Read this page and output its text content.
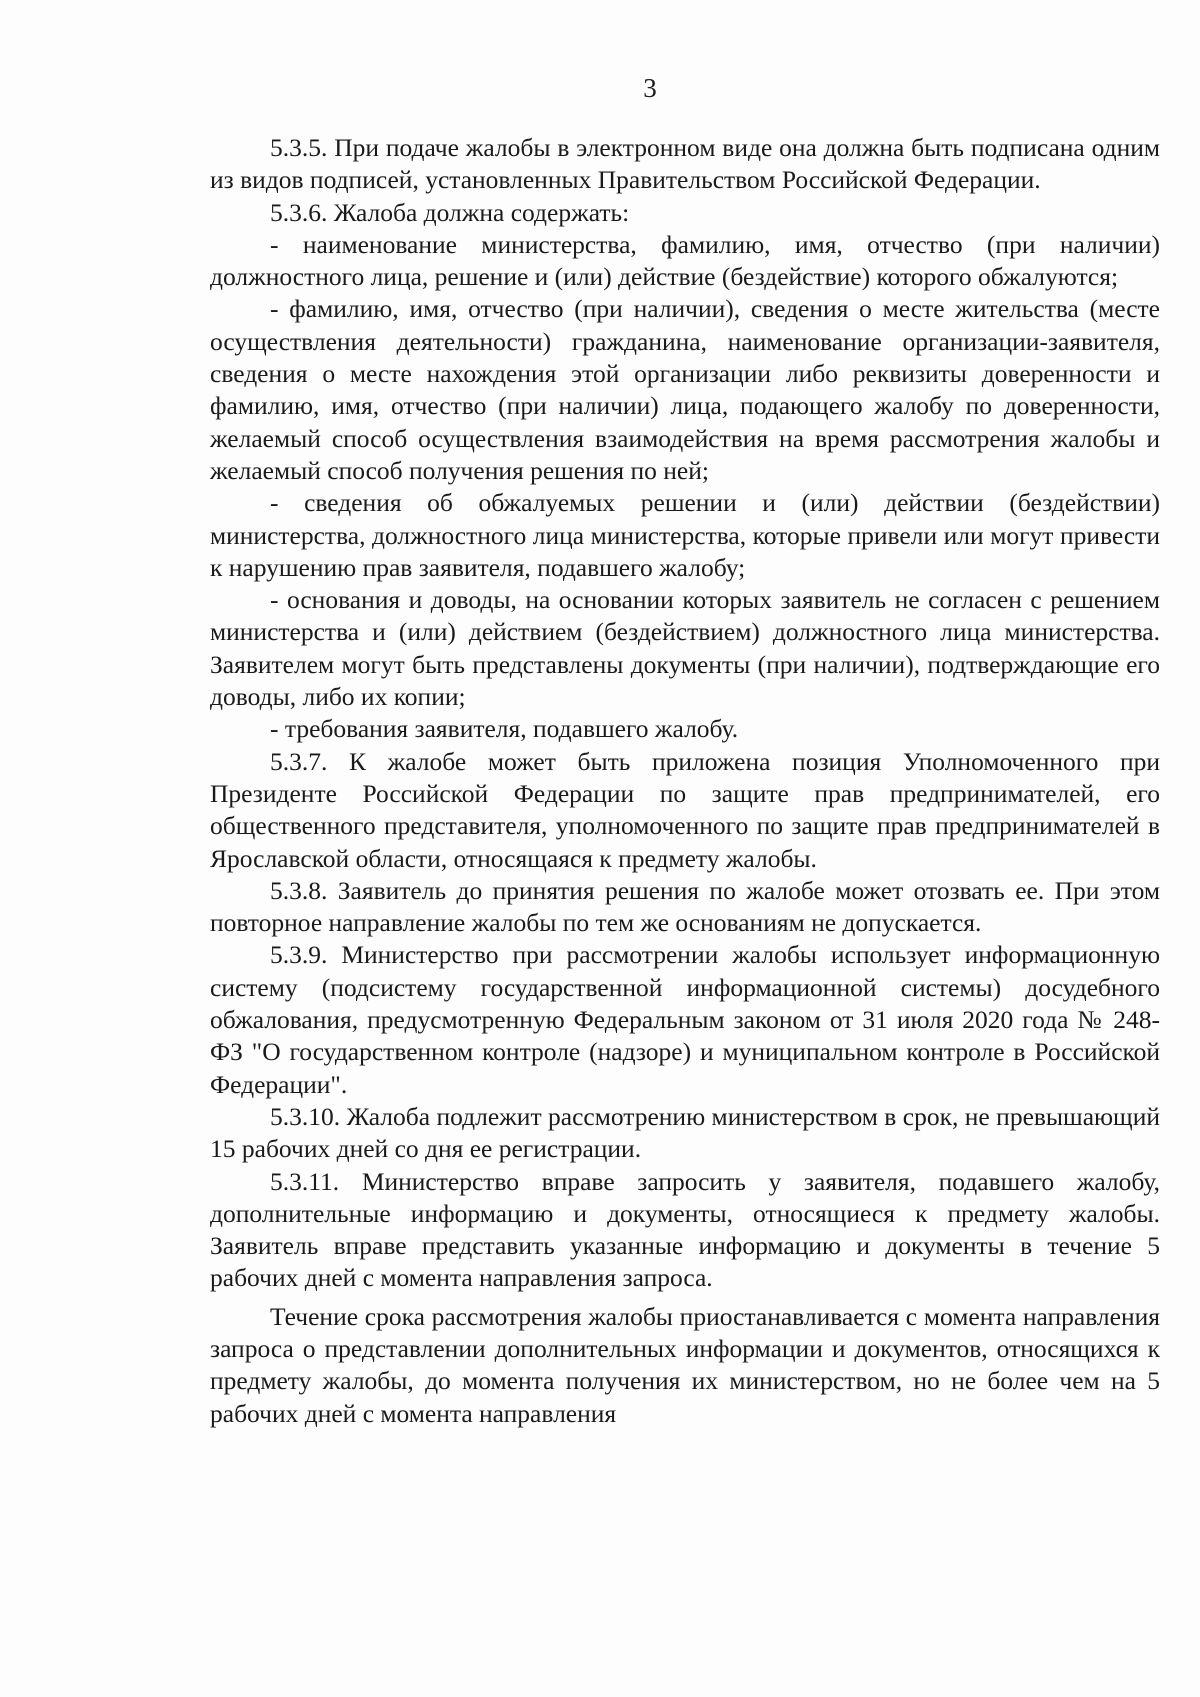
3

5.3.5. При подаче жалобы в электронном виде она должна быть подписана одним из видов подписей, установленных Правительством Российской Федерации.

5.3.6. Жалоба должна содержать:

- наименование министерства, фамилию, имя, отчество (при наличии) должностного лица, решение и (или) действие (бездействие) которого обжалуются;

- фамилию, имя, отчество (при наличии), сведения о месте жительства (месте осуществления деятельности) гражданина, наименование организации-заявителя, сведения о месте нахождения этой организации либо реквизиты доверенности и фамилию, имя, отчество (при наличии) лица, подающего жалобу по доверенности, желаемый способ осуществления взаимодействия на время рассмотрения жалобы и желаемый способ получения решения по ней;

- сведения об обжалуемых решении и (или) действии (бездействии) министерства, должностного лица министерства, которые привели или могут привести к нарушению прав заявителя, подавшего жалобу;

- основания и доводы, на основании которых заявитель не согласен с решением министерства и (или) действием (бездействием) должностного лица министерства. Заявителем могут быть представлены документы (при наличии), подтверждающие его доводы, либо их копии;

- требования заявителя, подавшего жалобу.

5.3.7. К жалобе может быть приложена позиция Уполномоченного при Президенте Российской Федерации по защите прав предпринимателей, его общественного представителя, уполномоченного по защите прав предпринимателей в Ярославской области, относящаяся к предмету жалобы.

5.3.8. Заявитель до принятия решения по жалобе может отозвать ее. При этом повторное направление жалобы по тем же основаниям не допускается.

5.3.9. Министерство при рассмотрении жалобы использует информационную систему (подсистему государственной информационной системы) досудебного обжалования, предусмотренную Федеральным законом от 31 июля 2020 года № 248-ФЗ "О государственном контроле (надзоре) и муниципальном контроле в Российской Федерации".

5.3.10. Жалоба подлежит рассмотрению министерством в срок, не превышающий 15 рабочих дней со дня ее регистрации.

5.3.11. Министерство вправе запросить у заявителя, подавшего жалобу, дополнительные информацию и документы, относящиеся к предмету жалобы. Заявитель вправе представить указанные информацию и документы в течение 5 рабочих дней с момента направления запроса.

Течение срока рассмотрения жалобы приостанавливается с момента направления запроса о представлении дополнительных информации и документов, относящихся к предмету жалобы, до момента получения их министерством, но не более чем на 5 рабочих дней с момента направления
